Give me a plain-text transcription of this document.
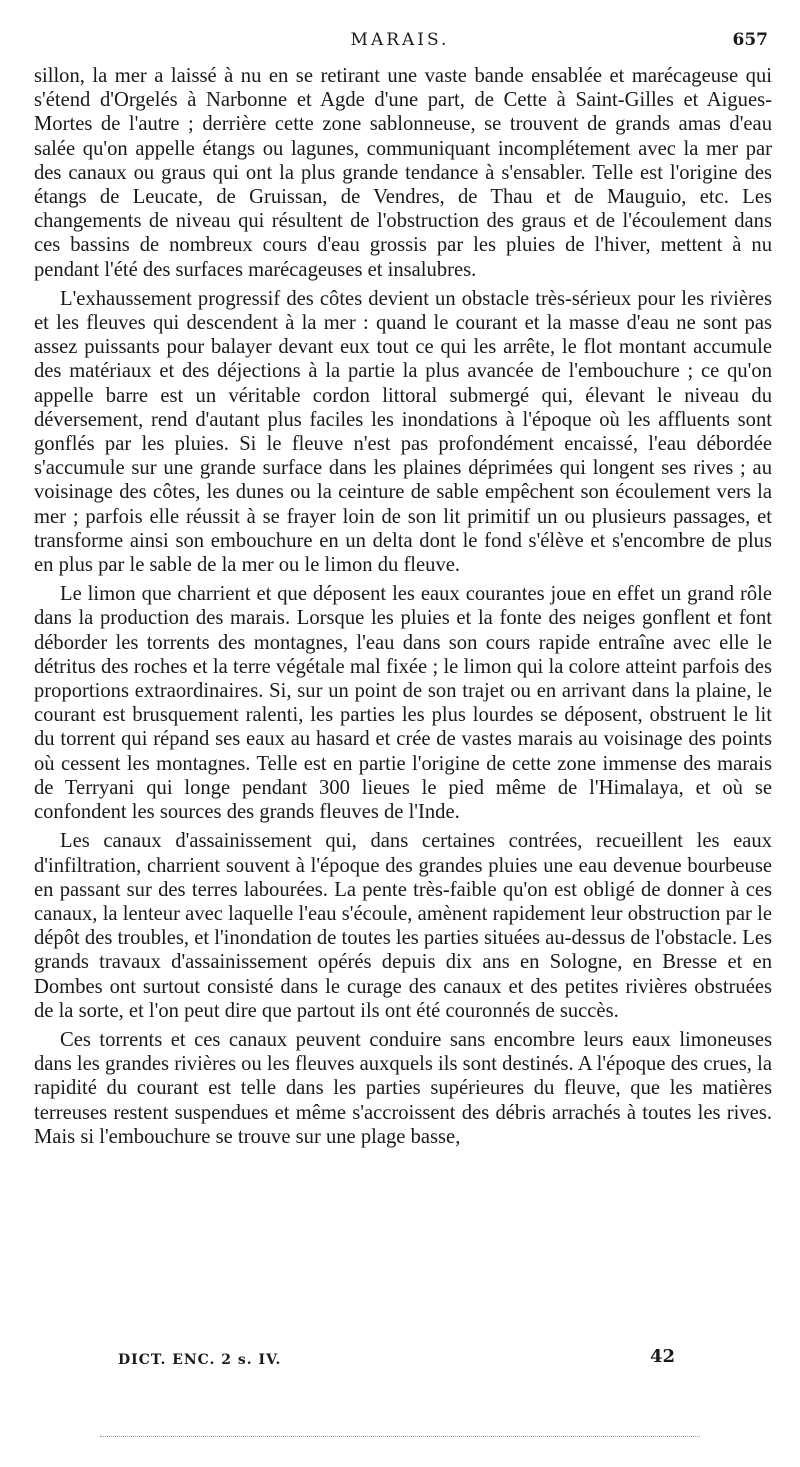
MARAIS.	657

sillon, la mer a laissé à nu en se retirant une vaste bande ensablée et marécageuse qui s'étend d'Orgelés à Narbonne et Agde d'une part, de Cette à Saint-Gilles et Aigues-Mortes de l'autre ; derrière cette zone sablonneuse, se trouvent de grands amas d'eau salée qu'on appelle étangs ou lagunes, communiquant incomplétement avec la mer par des canaux ou graus qui ont la plus grande tendance à s'ensabler. Telle est l'origine des étangs de Leucate, de Gruissan, de Vendres, de Thau et de Mauguio, etc. Les changements de niveau qui résultent de l'obstruction des graus et de l'écoulement dans ces bassins de nombreux cours d'eau grossis par les pluies de l'hiver, mettent à nu pendant l'été des surfaces marécageuses et insalubres.

L'exhaussement progressif des côtes devient un obstacle très-sérieux pour les rivières et les fleuves qui descendent à la mer : quand le courant et la masse d'eau ne sont pas assez puissants pour balayer devant eux tout ce qui les arrête, le flot montant accumule des matériaux et des déjections à la partie la plus avancée de l'embouchure ; ce qu'on appelle barre est un véritable cordon littoral submergé qui, élevant le niveau du déversement, rend d'autant plus faciles les inondations à l'époque où les affluents sont gonflés par les pluies. Si le fleuve n'est pas profondément encaissé, l'eau débordée s'accumule sur une grande surface dans les plaines déprimées qui longent ses rives ; au voisinage des côtes, les dunes ou la ceinture de sable empêchent son écoulement vers la mer ; parfois elle réussit à se frayer loin de son lit primitif un ou plusieurs passages, et transforme ainsi son embouchure en un delta dont le fond s'élève et s'encombre de plus en plus par le sable de la mer ou le limon du fleuve.

Le limon que charrient et que déposent les eaux courantes joue en effet un grand rôle dans la production des marais. Lorsque les pluies et la fonte des neiges gonflent et font déborder les torrents des montagnes, l'eau dans son cours rapide entraîne avec elle le détritus des roches et la terre végétale mal fixée ; le limon qui la colore atteint parfois des proportions extraordinaires. Si, sur un point de son trajet ou en arrivant dans la plaine, le courant est brusquement ralenti, les parties les plus lourdes se déposent, obstruent le lit du torrent qui répand ses eaux au hasard et crée de vastes marais au voisinage des points où cessent les montagnes. Telle est en partie l'origine de cette zone immense des marais de Terryani qui longe pendant 300 lieues le pied même de l'Himalaya, et où se confondent les sources des grands fleuves de l'Inde.

Les canaux d'assainissement qui, dans certaines contrées, recueillent les eaux d'infiltration, charrient souvent à l'époque des grandes pluies une eau devenue bourbeuse en passant sur des terres labourées. La pente très-faible qu'on est obligé de donner à ces canaux, la lenteur avec laquelle l'eau s'écoule, amènent rapidement leur obstruction par le dépôt des troubles, et l'inondation de toutes les parties situées au-dessus de l'obstacle. Les grands travaux d'assainissement opérés depuis dix ans en Sologne, en Bresse et en Dombes ont surtout consisté dans le curage des canaux et des petites rivières obstruées de la sorte, et l'on peut dire que partout ils ont été couronnés de succès.

Ces torrents et ces canaux peuvent conduire sans encombre leurs eaux limoneuses dans les grandes rivières ou les fleuves auxquels ils sont destinés. A l'époque des crues, la rapidité du courant est telle dans les parties supérieures du fleuve, que les matières terreuses restent suspendues et même s'accroissent des débris arrachés à toutes les rives. Mais si l'embouchure se trouve sur une plage basse,

DICT. ENC. 2 s. IV.	42
